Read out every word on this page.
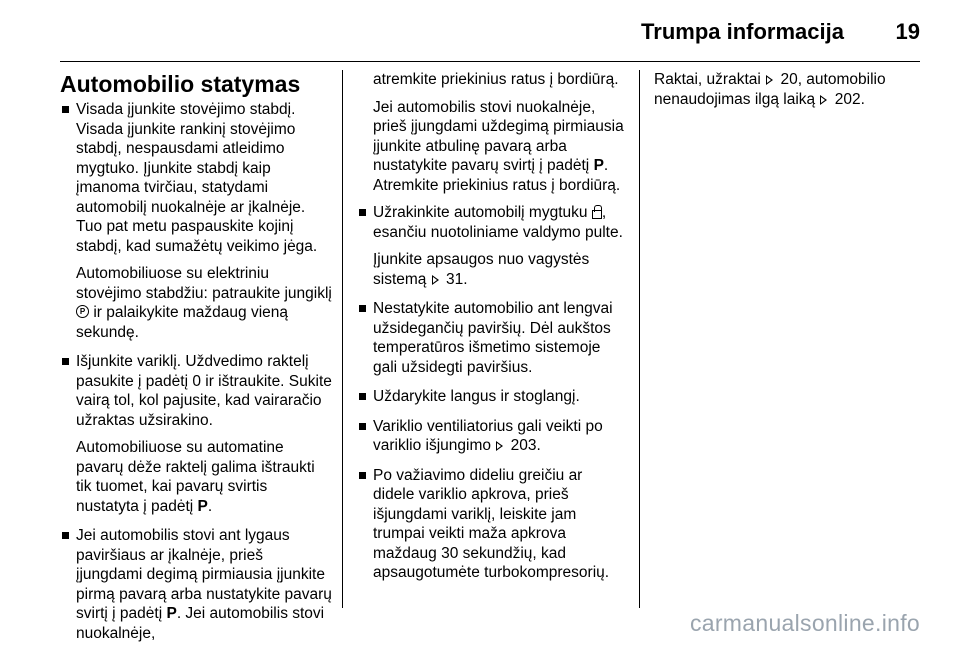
Trumpa informacija 19
Automobilio statymas

Visada įjunkite stovėjimo stabdį. Visada įjunkite rankinį stovėjimo stabdį, nespausdami atleidimo mygtuko. Įjunkite stabdį kaip įmanoma tvirčiau, statydami automobilį nuokalnėje ar įkalnėje. Tuo pat metu paspauskite kojinį stabdį, kad sumažėtų veikimo jėga.

Automobiliuose su elektriniu stovėjimo stabdžiu: patraukite jungiklį P ir palaikykite maždaug vieną sekundę.

Išjunkite variklį. Uždvedimo raktelį pasukite į padėtį 0 ir ištraukite. Sukite vairą tol, kol pajusite, kad vairaračio užraktas užsirakino.

Automobiliuose su automatine pavarų dėže raktelį galima ištraukti tik tuomet, kai pavarų svirtis nustatyta į padėtį P.

Jei automobilis stovi ant lygaus paviršiaus ar įkalnėje, prieš įjungdami degimą pirmiausia įjunkite pirmą pavarą arba nustatykite pavarų svirtį į padėtį P. Jei automobilis stovi nuokalnėje,

atremkite priekinius ratus į bordiūrą.

Jei automobilis stovi nuokalnėje, prieš įjungdami uždegimą pirmiausia įjunkite atbulinę pavarą arba nustatykite pavarų svirtį į padėtį P. Atremkite priekinius ratus į bordiūrą.

Užrakinkite automobilį mygtuku , esančiu nuotoliniame valdymo pulte.

Įjunkite apsaugos nuo vagystės sistemą 31.

Nestatykite automobilio ant lengvai užsidegančių paviršių. Dėl aukštos temperatūros išmetimo sistemoje gali užsidegti paviršius.

Uždarykite langus ir stoglangį.

Variklio ventiliatorius gali veikti po variklio išjungimo 203.

Po važiavimo dideliu greičiu ar didele variklio apkrova, prieš išjungdami variklį, leiskite jam trumpai veikti maža apkrova maždaug 30 sekundžių, kad apsaugotumėte turbokompresorių.

Raktai, užraktai 20, automobilio nenaudojimas ilgą laiką 202.

carmanualsonline.info
